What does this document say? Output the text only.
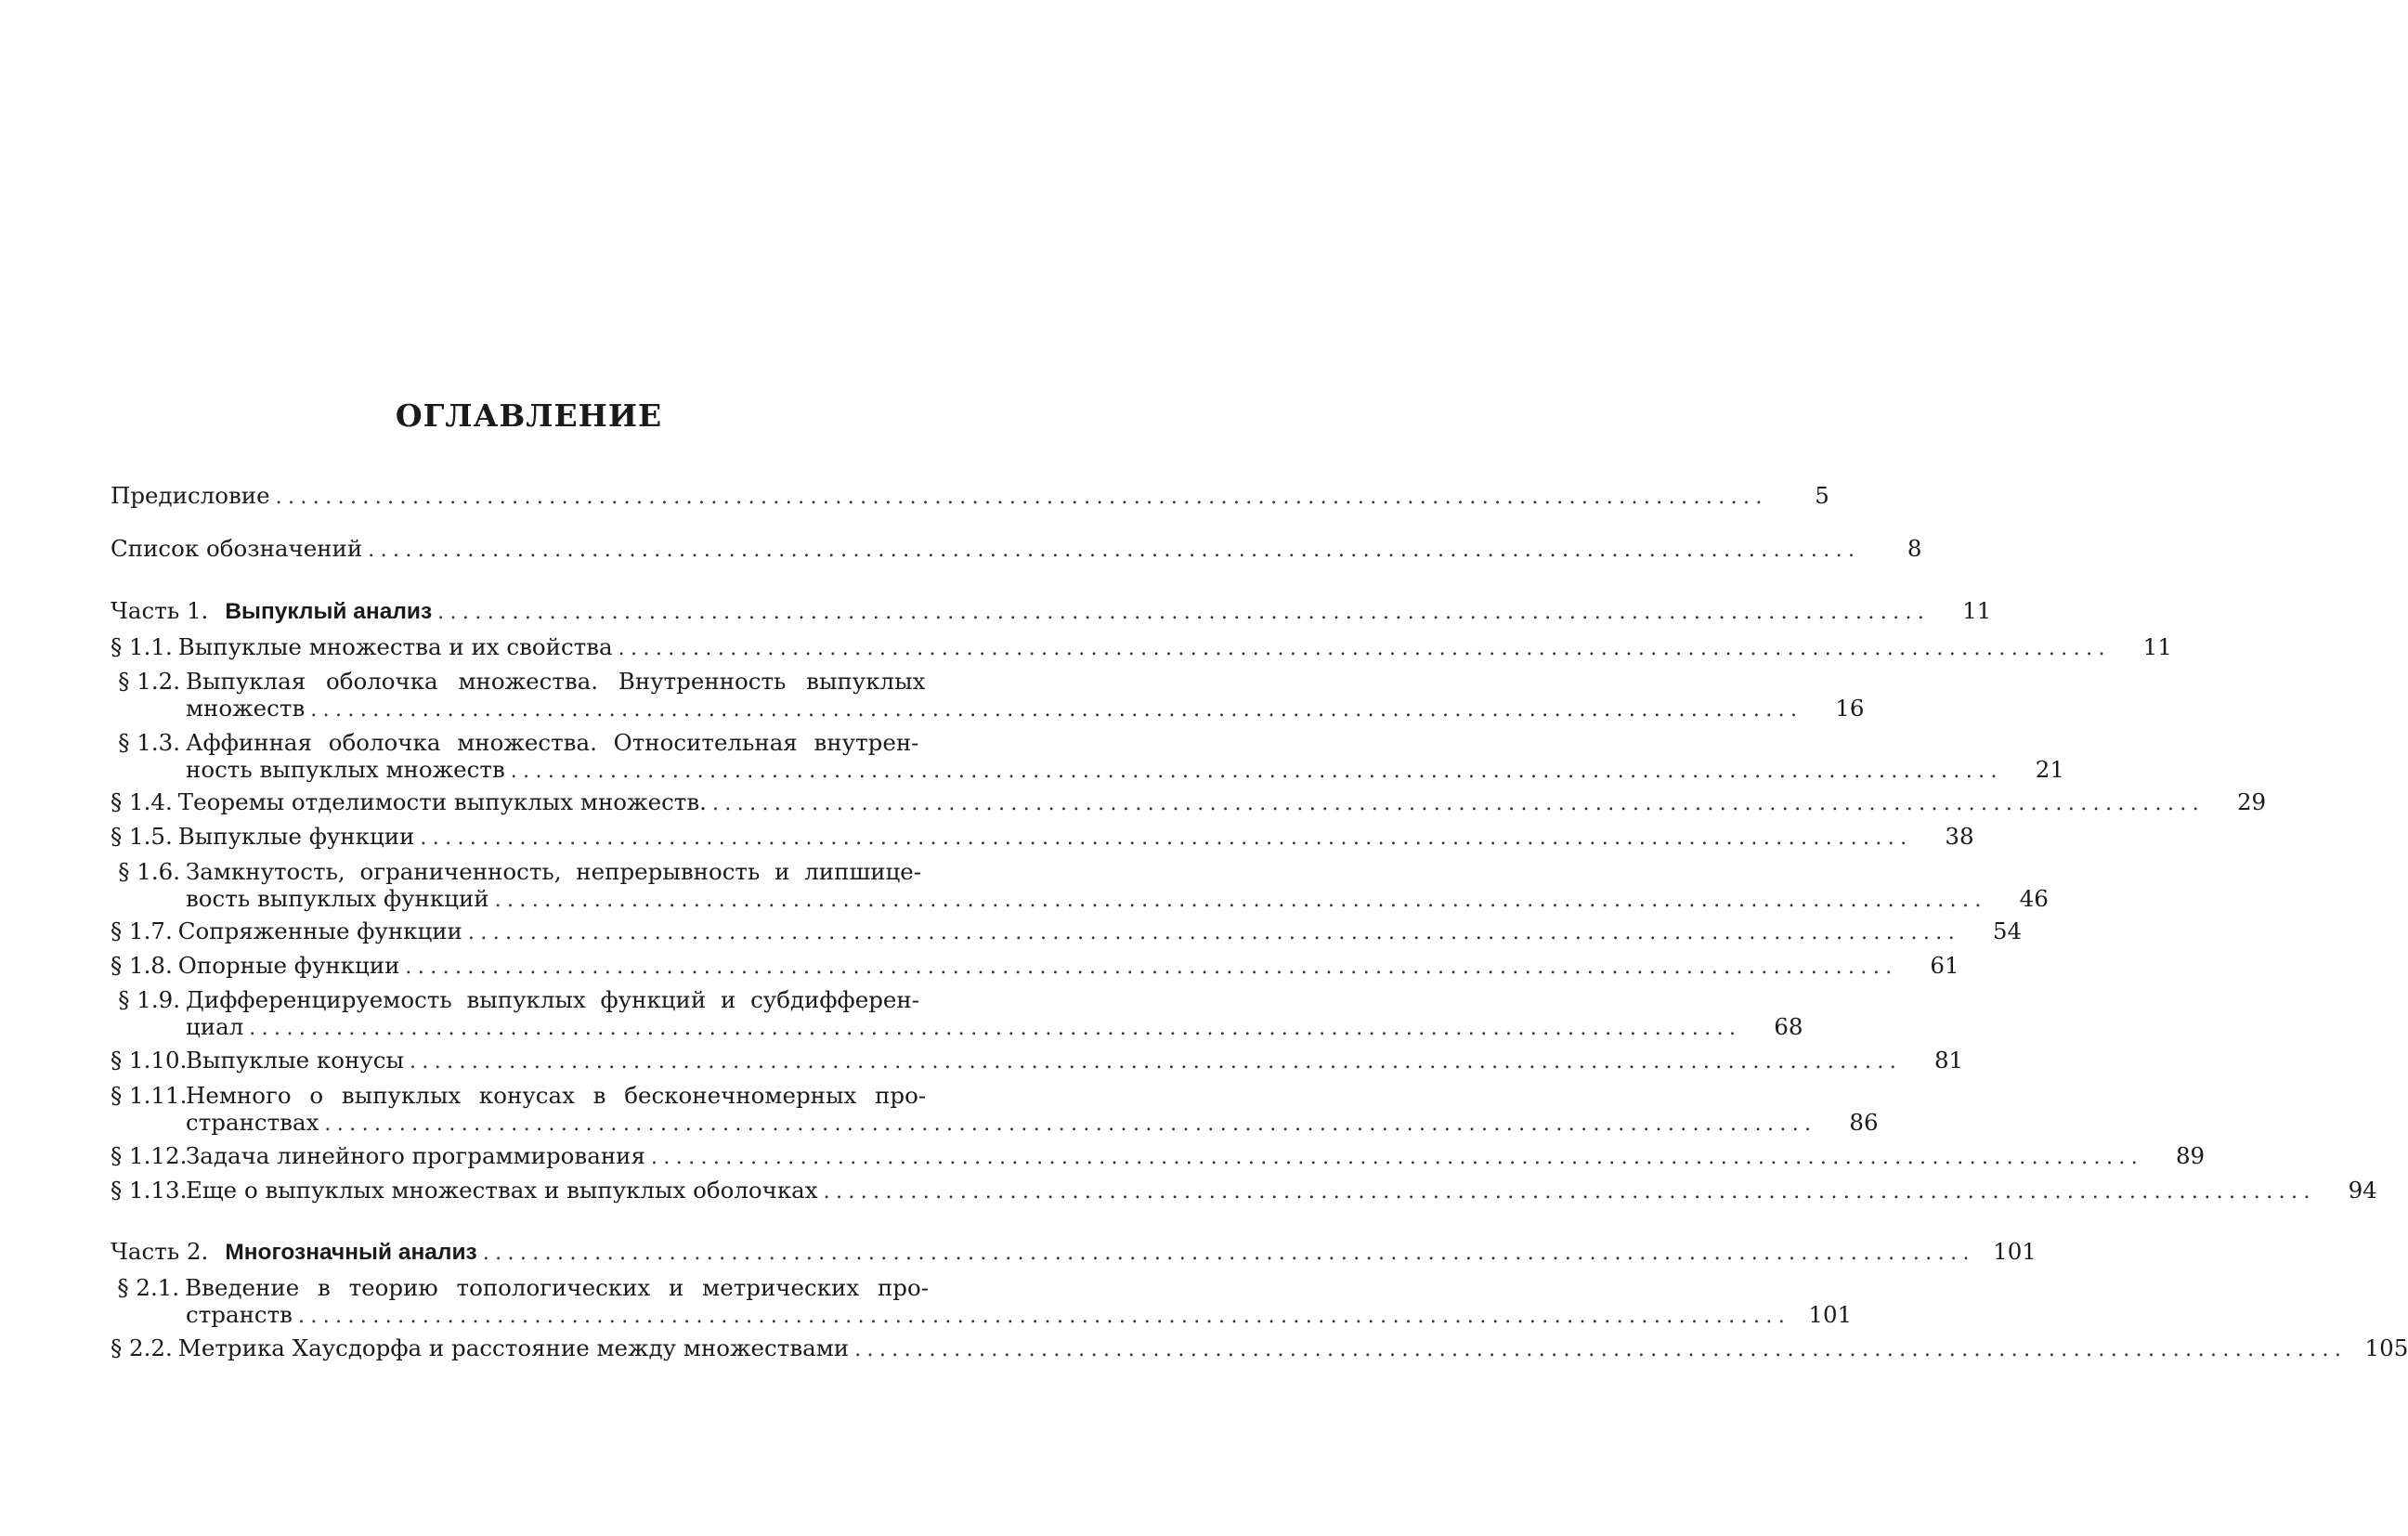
ОГЛАВЛЕНИЕ
Предисловие ........................................................................................................................	5
Список обозначений ........................................................................................................................	8
Часть 1. Выпуклый анализ ........................................................................................................................	11
§ 1.1. Выпуклые множества и их свойства ........................................................................................................................	11
§ 1.2. Выпуклая оболочка множества. Внутренность выпуклых
множеств ........................................................................................................................	16
§ 1.3. Аффинная оболочка множества. Относительная внутрен-
ность выпуклых множеств ........................................................................................................................	21
§ 1.4. Теоремы отделимости выпуклых множеств. ........................................................................................................................	29
§ 1.5. Выпуклые функции ........................................................................................................................	38
§ 1.6. Замкнутость, ограниченность, непрерывность и липшице-
вость выпуклых функций ........................................................................................................................	46
§ 1.7. Сопряженные функции ........................................................................................................................	54
§ 1.8. Опорные функции ........................................................................................................................	61
§ 1.9. Дифференцируемость выпуклых функций и субдифферен-
циал ........................................................................................................................	68
§ 1.10.
Выпуклые конусы ........................................................................................................................	81
§ 1.11.
Немного о выпуклых конусах в бесконечномерных про-
странствах ........................................................................................................................	86
§ 1.12.
Задача линейного программирования ........................................................................................................................	89
§ 1.13.
Еще о выпуклых множествах и выпуклых оболочках ........................................................................................................................	94
Часть 2. Многозначный анализ ........................................................................................................................ 101
§ 2.1. Введение в теорию топологических и метрических про-
странств ........................................................................................................................ 101
§ 2.2. Метрика Хаусдорфа и расстояние между множествами ........................................................................................................................ 105
